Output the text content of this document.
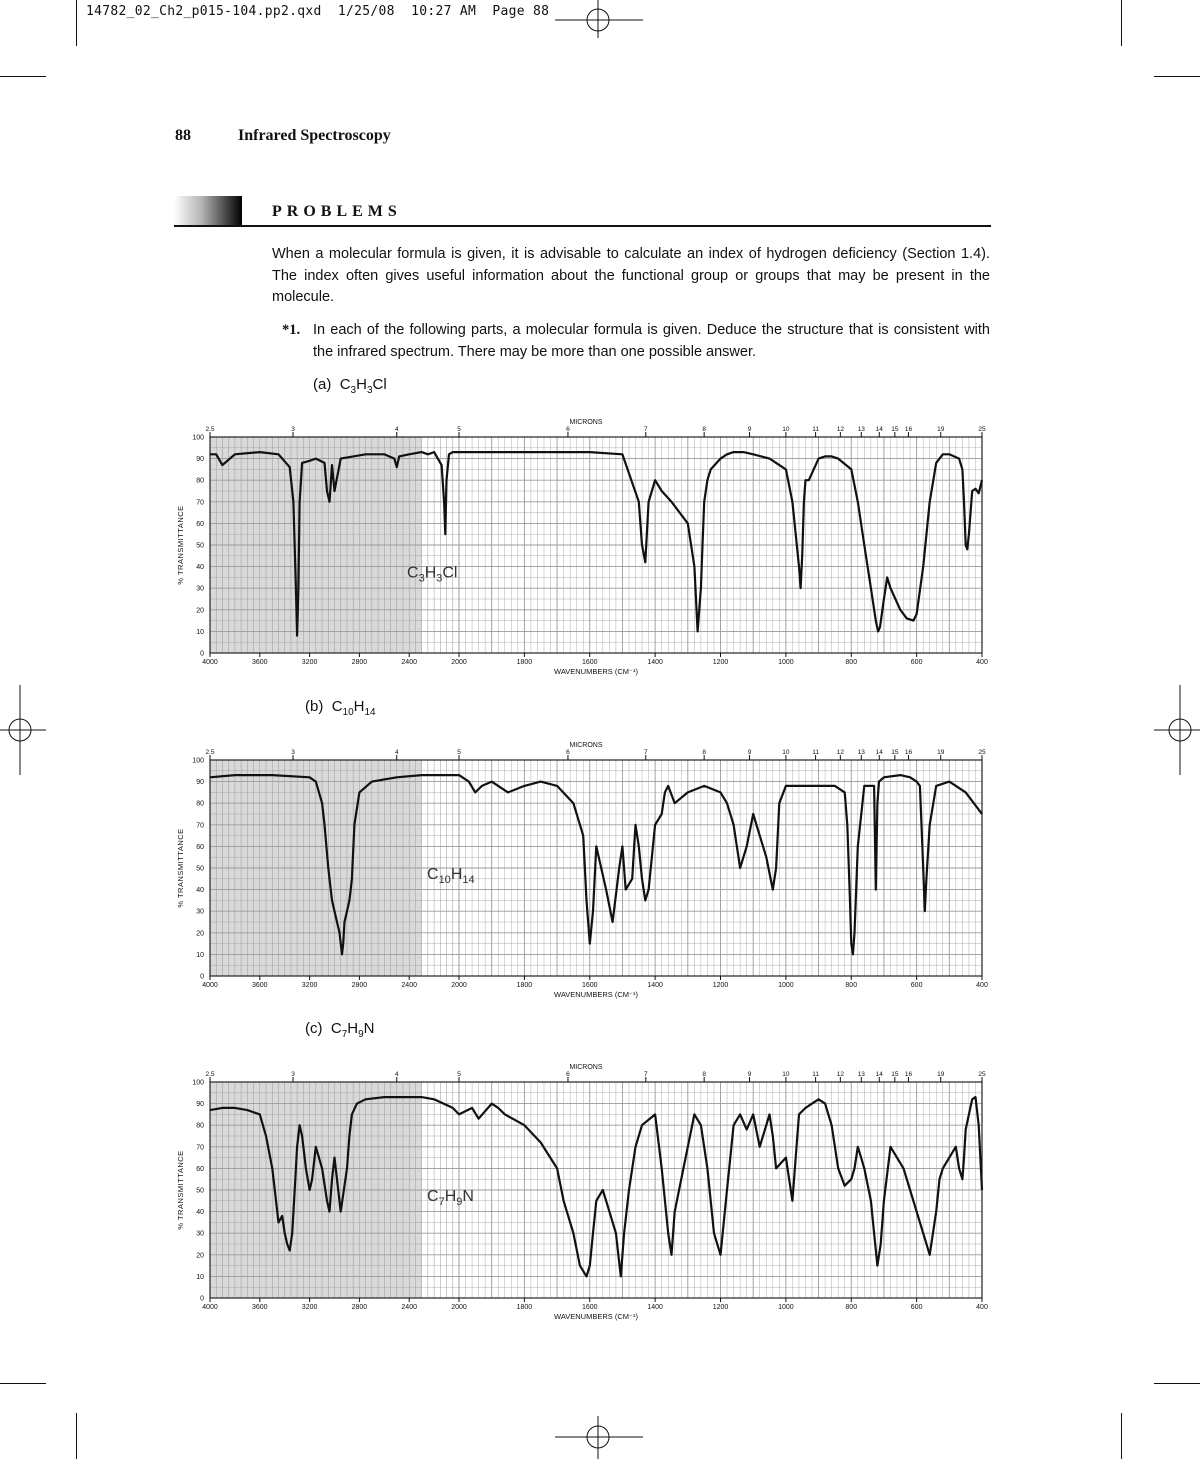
14782_02_Ch2_p015-104.pp2.qxd  1/25/08  10:27 AM  Page 88
88	Infrared Spectroscopy
PROBLEMS
When a molecular formula is given, it is advisable to calculate an index of hydrogen deficiency (Section 1.4). The index often gives useful information about the functional group or groups that may be present in the molecule.
*1. In each of the following parts, a molecular formula is given. Deduce the structure that is consistent with the infrared spectrum. There may be more than one possible answer.
(a) $C_3H_3Cl$
(b) $C_{10}H_{14}$
(c) $C_7H_9N$
0
10
20
30
40
50
60
70
80
90
100
% TRANSMITTANCE
4000	3600	3200	2800	2400	2000	1800	1600	1400	1200	1000	800	600	400
WAVENUMBERS (CM⁻¹)
2.5	3	4	5	6	7	8	9	10	11	12 13 14 15 16	19	25
MICRONS
$C_3H_3Cl$
0
10
20
30
40
50
60
70
80
90
100
% TRANSMITTANCE
4000	3600	3200	2800	2400	2000	1800	1600	1400	1200	1000	800	600	400
WAVENUMBERS (CM⁻¹)
2.5	3	4	5	6	7	8	9	10	11	12 13 14 15 16	19	25
MICRONS
$C_{10}H_{14}$
0
10
20
30
40
50
60
70
80
90
100
% TRANSMITTANCE
4000	3600	3200	2800	2400	2000	1800	1600	1400	1200	1000	800	600	400
WAVENUMBERS (CM⁻¹)
2.5	3	4	5	6	7	8	9	10	11	12 13 14 15 16	19	25
MICRONS
$C_7H_9N$
